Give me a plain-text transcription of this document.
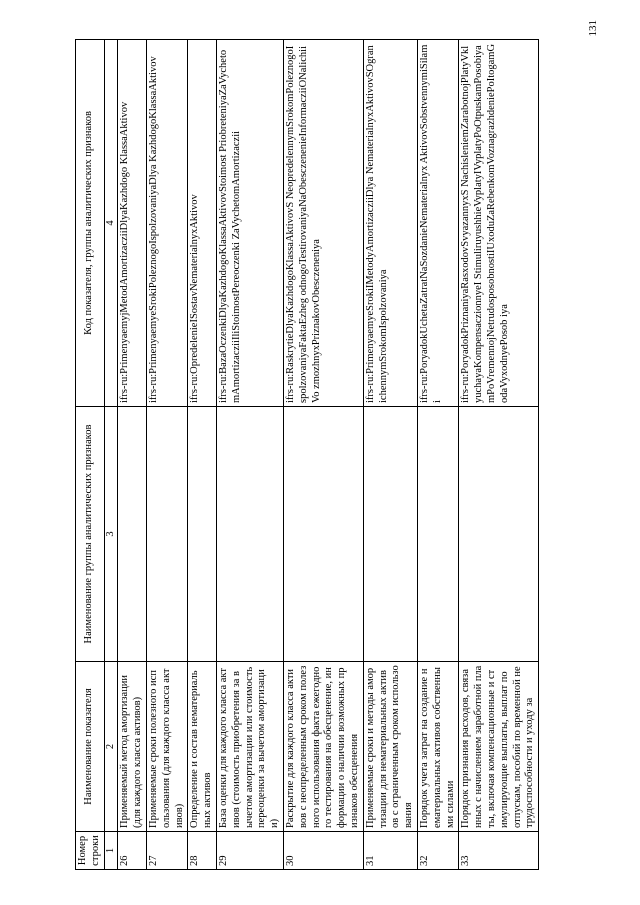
Номер строки	Наименование показателя	Наименование группы аналитических признаков	Код показателя, группы аналитических признаков
1	2	3	4
26	Применяемый метод амортизации (для каждого класса активов)		ifrs-ru:PrimenyaemyjMetodAmortizacziiDlyaKazhdogo KlassaAktivov
27	Применяемые сроки полезного использования (для каждого класса активов)		ifrs-ru:PrimenyaemyeSrokiPoleznogoIspolzovaniyaDlya KazhdogoKlassaAktivov
28	Определение и состав нематериальных активов		ifrs-ru:OpredelenieISostavNematerialnyxAktivov
29	База оценки для каждого класса активов (стоимость приобретения за вычетом амортизации или стоимость переоценки за вычетом амортизации)		ifrs-ru:BazaOczenkiDlyaKazhdogoKlassaAktivovStoimost PriobreteniyaZaVychetomAmortizacziiIliStoimostPereoczenki ZaVychetomAmortizaczii
30	Раскрытие для каждого класса активов с неопределенным сроком полезного использования факта ежегодного тестирования на обесценение, информации о наличии возможных признаков обесценения		ifrs-ru:RaskrytieDlyaKazhdogoKlassaAktivovS NeopredelennymSrokomPoleznogoIspolzovaniyaFaktaEzheg odnogoTestirovaniyaNaObesczenenieInformacziiONalichiiVo zmozhnyxPriznakovObesczeneniya
31	Применяемые сроки и методы амортизации для нематериальных активов с ограниченным сроком использования		ifrs-ru:PrimenyaemyeSrokiIMetodyAmortizacziiDlya NematerialnyxAktivovSOgranichennymSrokomIspolzovaniya
32	Порядок учета затрат на создание нематериальных активов собственными силами		ifrs-ru:PoryadokUchetaZatratNaSozdanieNematerialnyx AktivovSobstvennymiSilami
33	Порядок признания расходов, связанных с начислением заработной платы, включая компенсационные и стимулирующие выплаты, выплат по отпускам, пособий по временной нетрудоспособности и уходу за		ifrs-ru:PoryadokPriznaniyaRasxodovSvyazannyxS NachisleniemZarabotnojPlatyVklyuchayaKompensaczionnyeI StimuliruyushhieVyplatyIVyplatyPoOtpuskamPosobiyamPoVremennojNetrudosposobnostiIUxoduZaRebenkomVoznagrazhdeniePoItogamGodaVyxodnyePosob iya
131
